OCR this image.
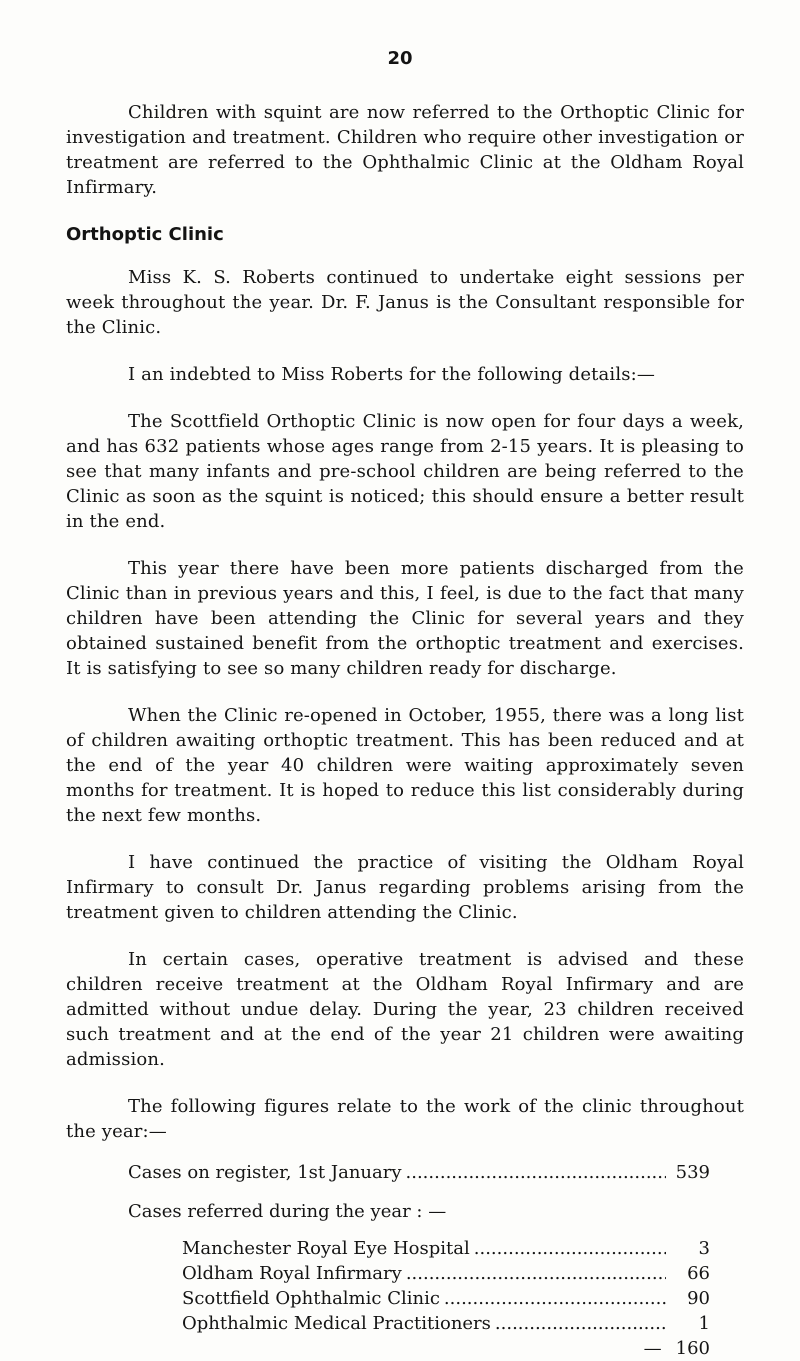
20

Children with squint are now referred to the Orthoptic Clinic for investigation and treatment. Children who require other investigation or treatment are referred to the Ophthalmic Clinic at the Oldham Royal Infirmary.

Orthoptic Clinic

Miss K. S. Roberts continued to undertake eight sessions per week throughout the year. Dr. F. Janus is the Consultant responsible for the Clinic.

I an indebted to Miss Roberts for the following details:—

The Scottfield Orthoptic Clinic is now open for four days a week, and has 632 patients whose ages range from 2-15 years. It is pleasing to see that many infants and pre-school children are being referred to the Clinic as soon as the squint is noticed; this should ensure a better result in the end.

This year there have been more patients discharged from the Clinic than in previous years and this, I feel, is due to the fact that many children have been attending the Clinic for several years and they obtained sustained benefit from the orthoptic treatment and exercises. It is satisfying to see so many children ready for discharge.

When the Clinic re-opened in October, 1955, there was a long list of children awaiting orthoptic treatment. This has been reduced and at the end of the year 40 children were waiting approximately seven months for treatment. It is hoped to reduce this list considerably during the next few months.

I have continued the practice of visiting the Oldham Royal Infirmary to consult Dr. Janus regarding problems arising from the treatment given to children attending the Clinic.

In certain cases, operative treatment is advised and these children receive treatment at the Oldham Royal Infirmary and are admitted without undue delay. During the year, 23 children received such treatment and at the end of the year 21 children were awaiting admission.

The following figures relate to the work of the clinic throughout the year:—

Cases on register, 1st January .....	539
Cases referred during the year : —
Manchester Royal Eye Hospital .....	3
Oldham Royal Infirmary .....	66
Scottfield Ophthalmic Clinic .....	90
Ophthalmic Medical Practitioners .....	1
— 160
